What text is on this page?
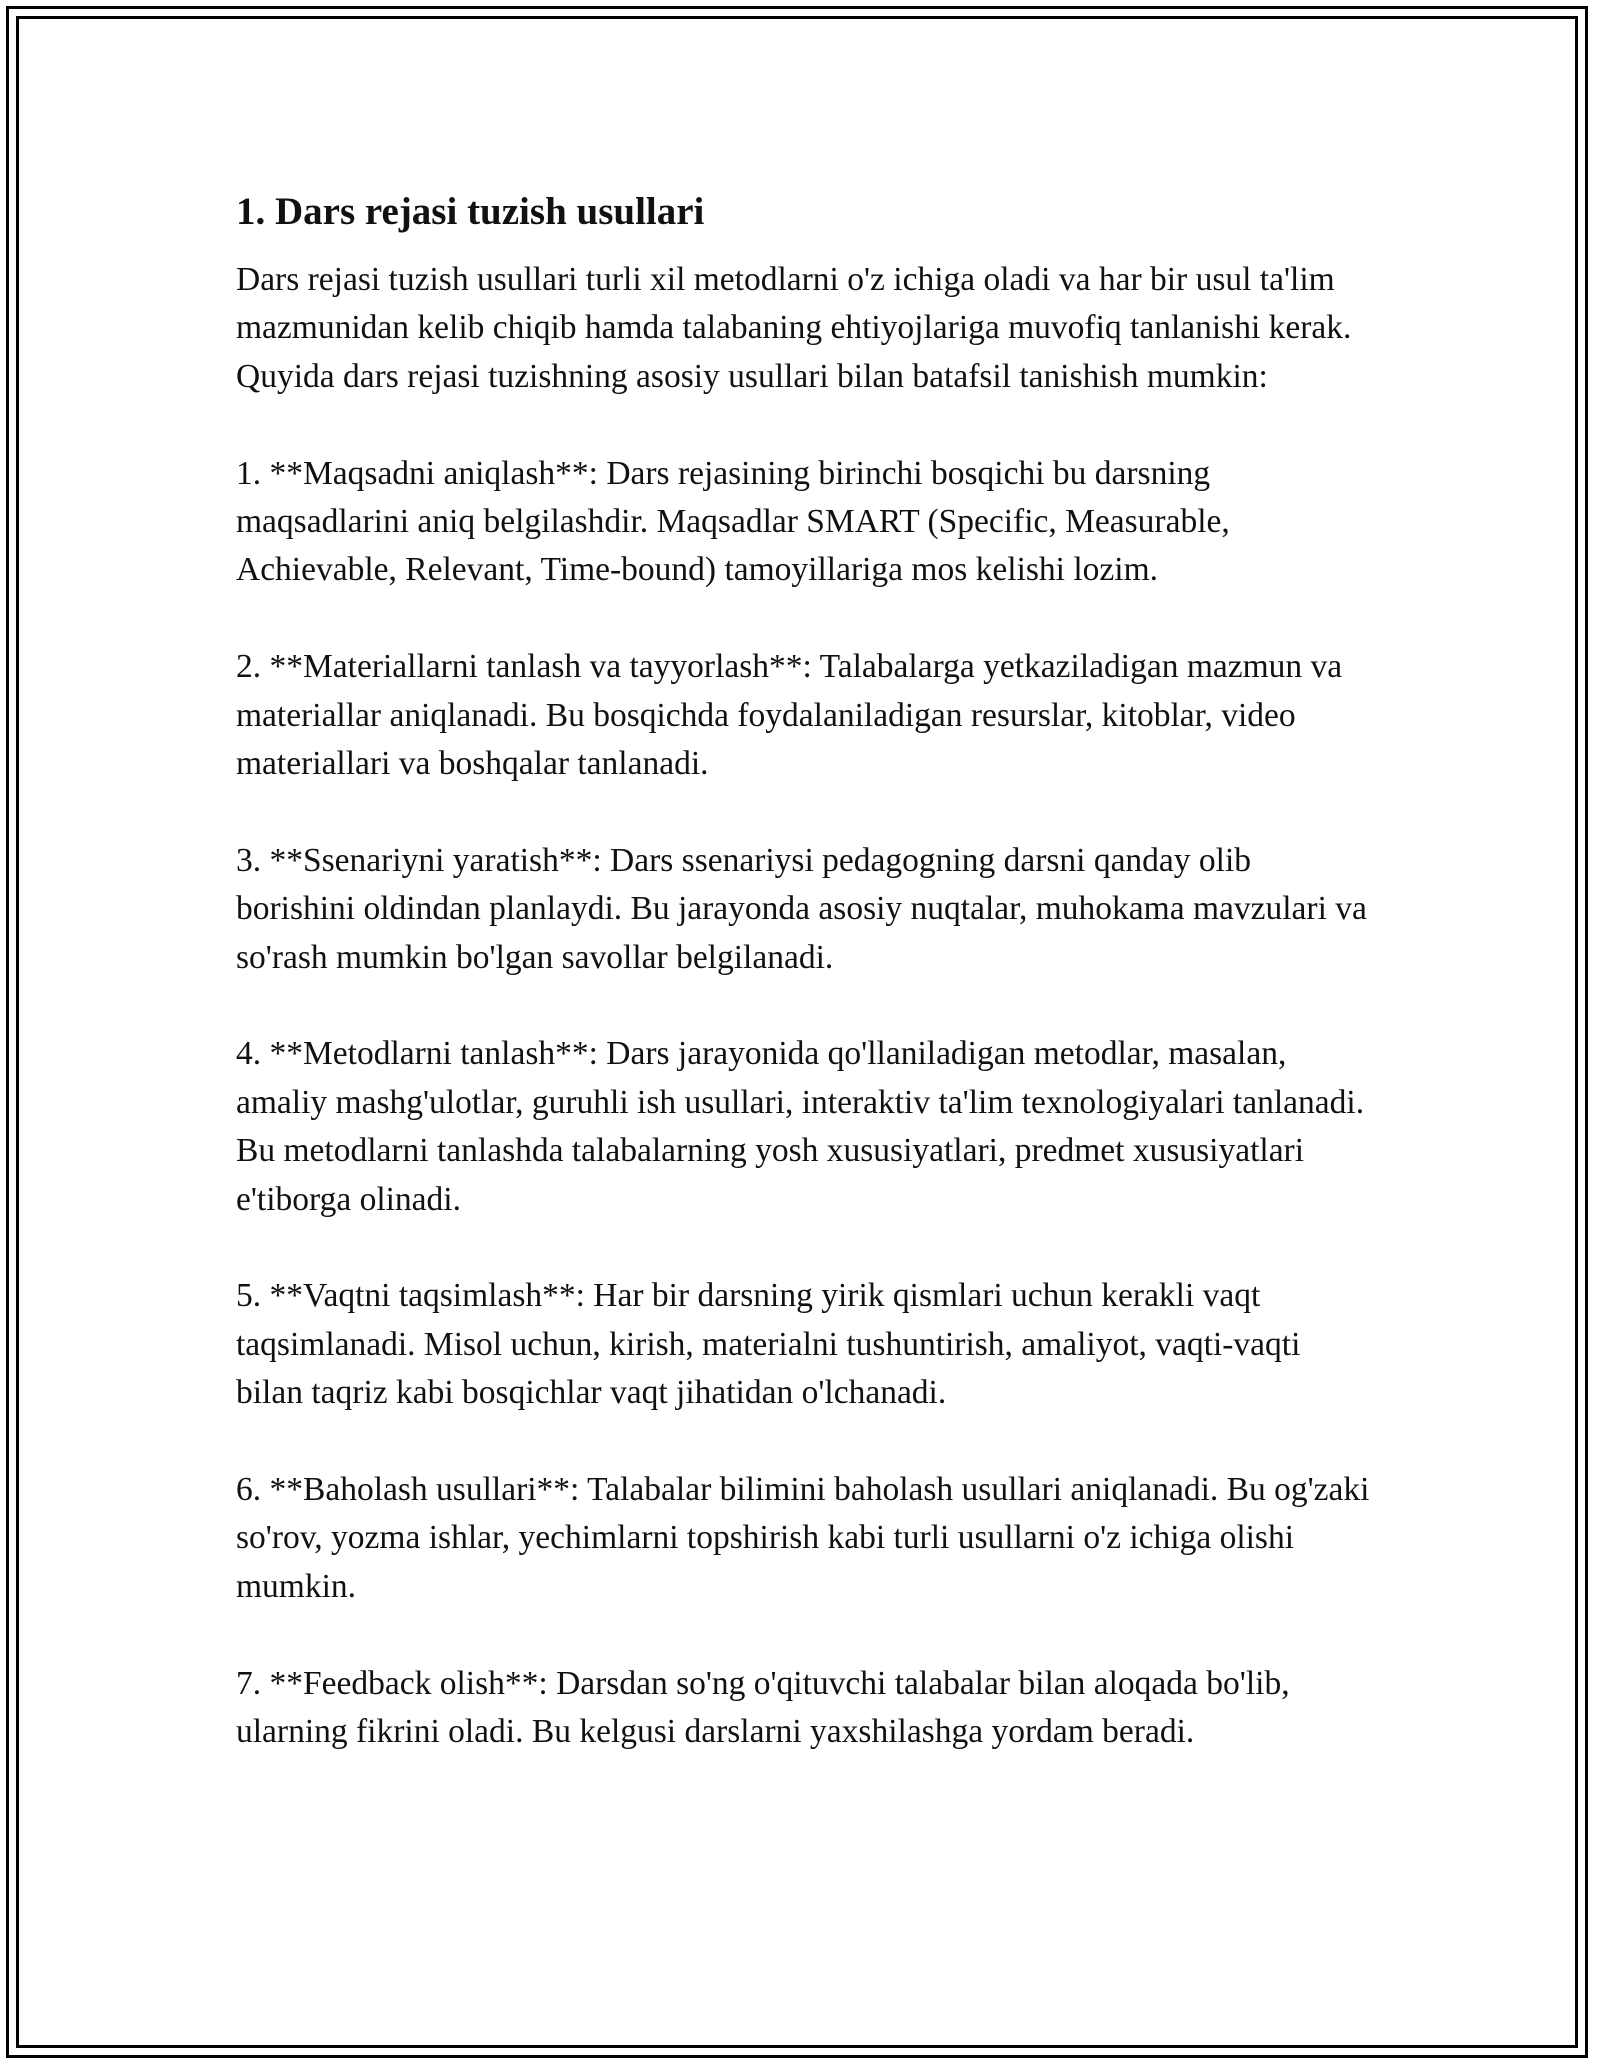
1. Dars rejasi tuzish usullari

Dars rejasi tuzish usullari turli xil metodlarni o'z ichiga oladi va har bir usul ta'lim mazmunidan kelib chiqib hamda talabaning ehtiyojlariga muvofiq tanlanishi kerak. Quyida dars rejasi tuzishning asosiy usullari bilan batafsil tanishish mumkin:

1. **Maqsadni aniqlash**: Dars rejasining birinchi bosqichi bu darsning maqsadlarini aniq belgilashdir. Maqsadlar SMART (Specific, Measurable, Achievable, Relevant, Time-bound) tamoyillariga mos kelishi lozim.

2. **Materiallarni tanlash va tayyorlash**: Talabalarga yetkaziladigan mazmun va materiallar aniqlanadi. Bu bosqichda foydalaniladigan resurslar, kitoblar, video materiallari va boshqalar tanlanadi.

3. **Ssenariyni yaratish**: Dars ssenariysi pedagogning darsni qanday olib borishini oldindan planlaydi. Bu jarayonda asosiy nuqtalar, muhokama mavzulari va so'rash mumkin bo'lgan savollar belgilanadi.

4. **Metodlarni tanlash**: Dars jarayonida qo'llaniladigan metodlar, masalan, amaliy mashg'ulotlar, guruhli ish usullari, interaktiv ta'lim texnologiyalari tanlanadi. Bu metodlarni tanlashda talabalarning yosh xususiyatlari, predmet xususiyatlari e'tiborga olinadi.

5. **Vaqtni taqsimlash**: Har bir darsning yirik qismlari uchun kerakli vaqt taqsimlanadi. Misol uchun, kirish, materialni tushuntirish, amaliyot, vaqti-vaqti bilan taqriz kabi bosqichlar vaqt jihatidan o'lchanadi.

6. **Baholash usullari**: Talabalar bilimini baholash usullari aniqlanadi. Bu og'zaki so'rov, yozma ishlar, yechimlarni topshirish kabi turli usullarni o'z ichiga olishi mumkin.

7. **Feedback olish**: Darsdan so'ng o'qituvchi talabalar bilan aloqada bo'lib, ularning fikrini oladi. Bu kelgusi darslarni yaxshilashga yordam beradi.
